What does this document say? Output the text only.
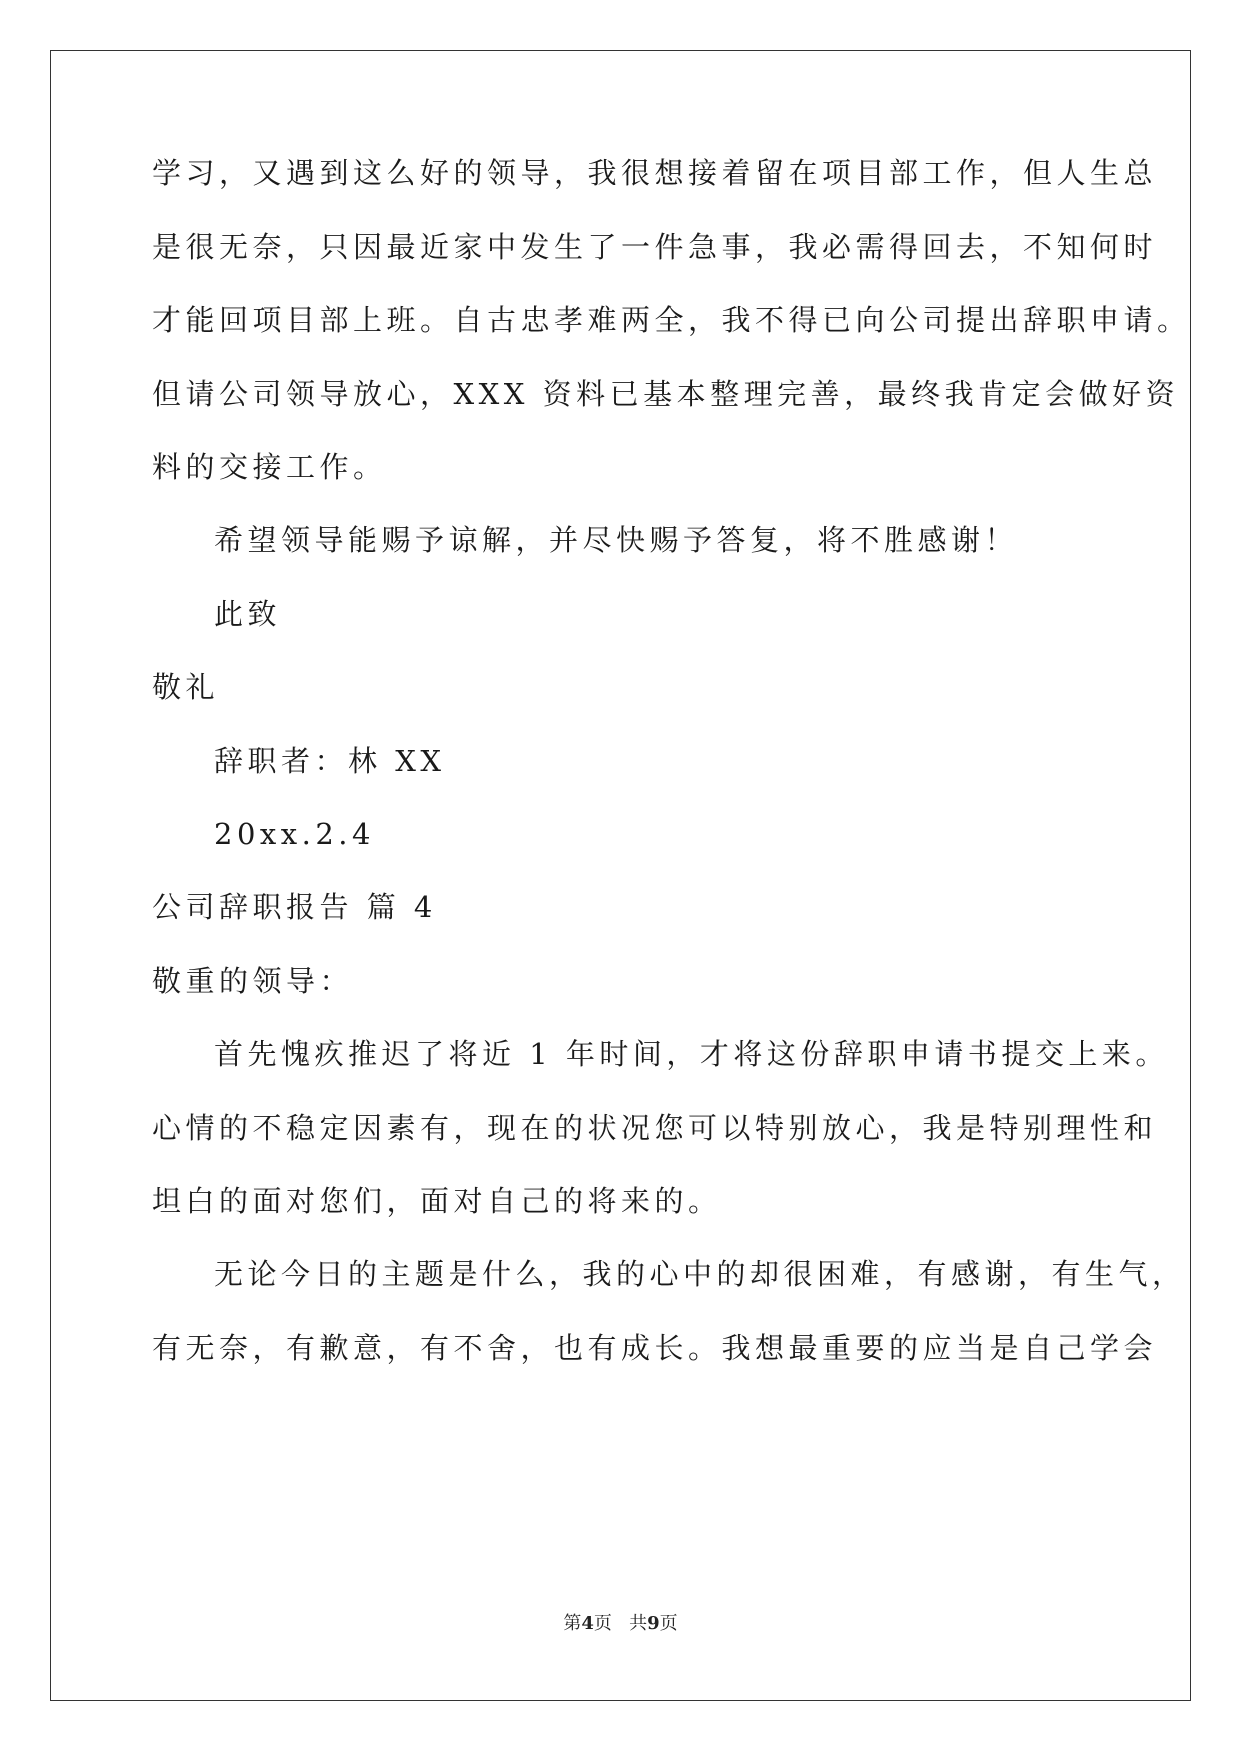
学习，又遇到这么好的领导，我很想接着留在项目部工作，但人生总
是很无奈，只因最近家中发生了一件急事，我必需得回去，不知何时
才能回项目部上班。自古忠孝难两全，我不得已向公司提出辞职申请。
但请公司领导放心，XXX 资料已基本整理完善，最终我肯定会做好资
料的交接工作。
希望领导能赐予谅解，并尽快赐予答复，将不胜感谢！
此致
敬礼
辞职者：林 XX
20xx.2.4
公司辞职报告 篇 4
敬重的领导：
首先愧疚推迟了将近 1 年时间，才将这份辞职申请书提交上来。
心情的不稳定因素有，现在的状况您可以特别放心，我是特别理性和
坦白的面对您们，面对自己的将来的。
无论今日的主题是什么，我的心中的却很困难，有感谢，有生气，
有无奈，有歉意，有不舍，也有成长。我想最重要的应当是自己学会
第4页   共9页
